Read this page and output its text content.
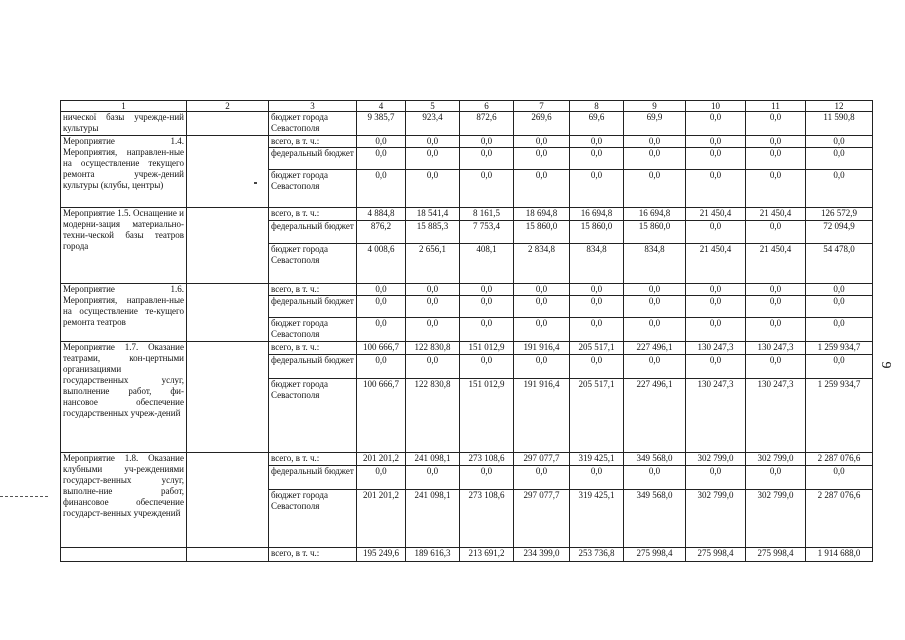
1	2	3	4	5	6	7	8	9	10	11	12
ническої базы учрежде-ний культуры		бюджет города Севастополя	9 385,7	923,4	872,6	269,6	69,6	69,9	0,0	0,0	11 590,8
Мероприятие 1.4. Мероприятия, направлен-ные на осуществление текущего ремонта учреж-дений культуры (клубы, центры)		всего, в т. ч.:	0,0	0,0	0,0	0,0	0,0	0,0	0,0	0,0	0,0
		федеральный бюджет	0,0	0,0	0,0	0,0	0,0	0,0	0,0	0,0	0,0
		бюджет города Севастополя	0,0	0,0	0,0	0,0	0,0	0,0	0,0	0,0	0,0
Мероприятие 1.5. Оснащение и модерни-зация материально-техни-ческой базы театров города		всего, в т. ч.:	4 884,8	18 541,4	8 161,5	18 694,8	16 694,8	16 694,8	21 450,4	21 450,4	126 572,9
		федеральный бюджет	876,2	15 885,3	7 753,4	15 860,0	15 860,0	15 860,0	0,0	0,0	72 094,9
		бюджет города Севастополя	4 008,6	2 656,1	408,1	2 834,8	834,8	834,8	21 450,4	21 450,4	54 478,0
Мероприятие 1.6. Мероприятия, направлен-ные на осуществление те-кущего ремонта театров		всего, в т. ч.:	0,0	0,0	0,0	0,0	0,0	0,0	0,0	0,0	0,0
		федеральный бюджет	0,0	0,0	0,0	0,0	0,0	0,0	0,0	0,0	0,0
		бюджет города Севастополя	0,0	0,0	0,0	0,0	0,0	0,0	0,0	0,0	0,0
Мероприятие 1.7. Оказание театрами, кон-цертными организациями государственных услуг, выполнение работ, фи-нансовое обеспечение государственных учреж-дений		всего, в т. ч.:	100 666,7	122 830,8	151 012,9	191 916,4	205 517,1	227 496,1	130 247,3	130 247,3	1 259 934,7
		федеральный бюджет	0,0	0,0	0,0	0,0	0,0	0,0	0,0	0,0	0,0
		бюджет города Севастополя	100 666,7	122 830,8	151 012,9	191 916,4	205 517,1	227 496,1	130 247,3	130 247,3	1 259 934,7
Мероприятие 1.8. Оказание клубными уч-реждениями государст-венных услуг, выполне-ние работ, финансовое обеспечение государст-венных учреждений		всего, в т. ч.:	201 201,2	241 098,1	273 108,6	297 077,7	319 425,1	349 568,0	302 799,0	302 799,0	2 287 076,6
		федеральный бюджет	0,0	0,0	0,0	0,0	0,0	0,0	0,0	0,0	0,0
		бюджет города Севастополя	201 201,2	241 098,1	273 108,6	297 077,7	319 425,1	349 568,0	302 799,0	302 799,0	2 287 076,6
		всего, в т. ч.:	195 249,6	189 616,3	213 691,2	234 399,0	253 736,8	275 998,4	275 998,4	275 998,4	1 914 688,0
9
